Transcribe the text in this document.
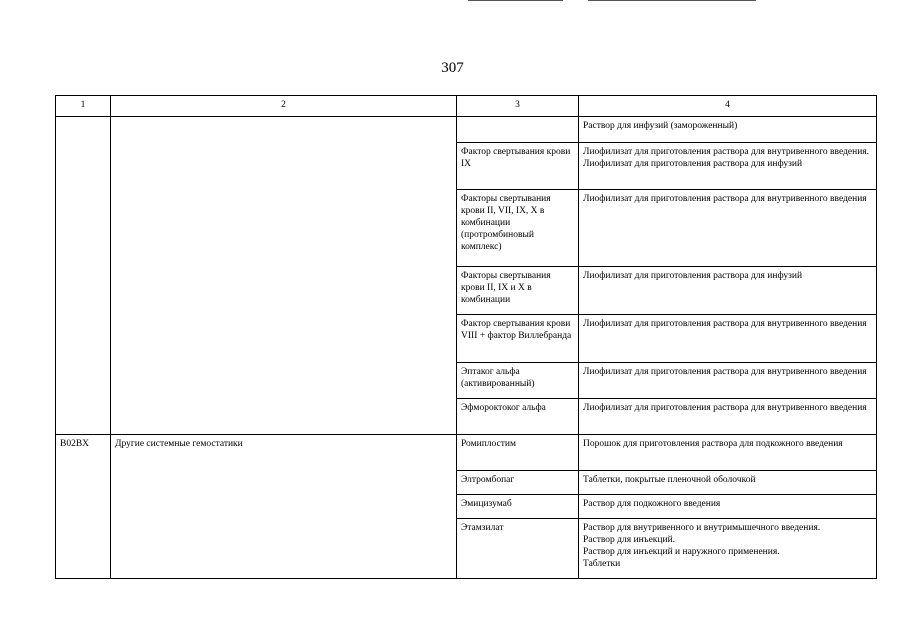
307
1	2	3	4

			Раствор для инфузий (замороженный)

		Фактор свертывания крови IX	Лиофилизат для приготовления раствора для внутривенного введения.
Лиофилизат для приготовления раствора для инфузий

		Факторы свертывания крови II, VII, IX, X в комбинации (протромбиновый комплекс)	Лиофилизат для приготовления раствора для внутривенного введения

		Факторы свертывания крови II, IX и X в комбинации	Лиофилизат для приготовления раствора для инфузий

		Фактор свертывания крови VIII + фактор Виллебранда	Лиофилизат для приготовления раствора для внутривенного введения

		Эптаког альфа (активированный)	Лиофилизат для приготовления раствора для внутривенного введения

		Эфмороктоког альфа	Лиофилизат для приготовления раствора для внутривенного введения

B02BX	Другие системные гемостатики	Ромиплостим	Порошок для приготовления раствора для подкожного введения

		Элтромбопаг	Таблетки, покрытые пленочной оболочкой

		Эмицизумаб	Раствор для подкожного введения

		Этамзилат	Раствор для внутривенного и внутримышечного введения.
Раствор для инъекций.
Раствор для инъекций и наружного применения.
Таблетки
